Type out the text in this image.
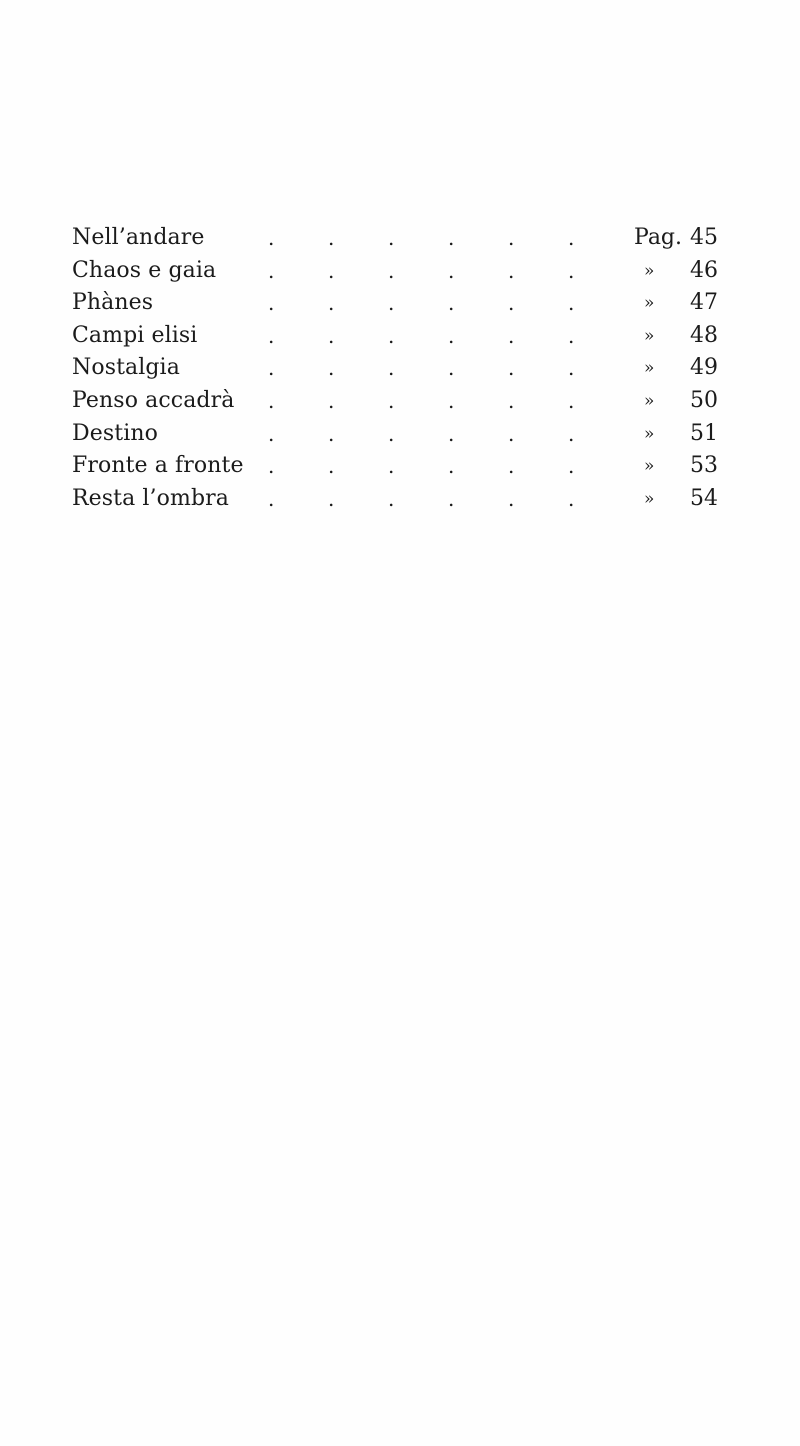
Nell’andare	.	.	.	.	.	.	Pag. 45
Chaos e gaia	.	.	.	.	.	.	» 46
Phànes	.	.	.	.	.	.	» 47
Campi elisi	.	.	.	.	.	.	» 48
Nostalgia	.	.	.	.	.	.	» 49
Penso accadrà .	.	.	.	.	.	» 50
Destino	.	.	.	.	.	.	» 51
Fronte a fronte .	.	.	.	.	.	» 53
Resta l’ombra .	.	.	.	.	.	» 54
